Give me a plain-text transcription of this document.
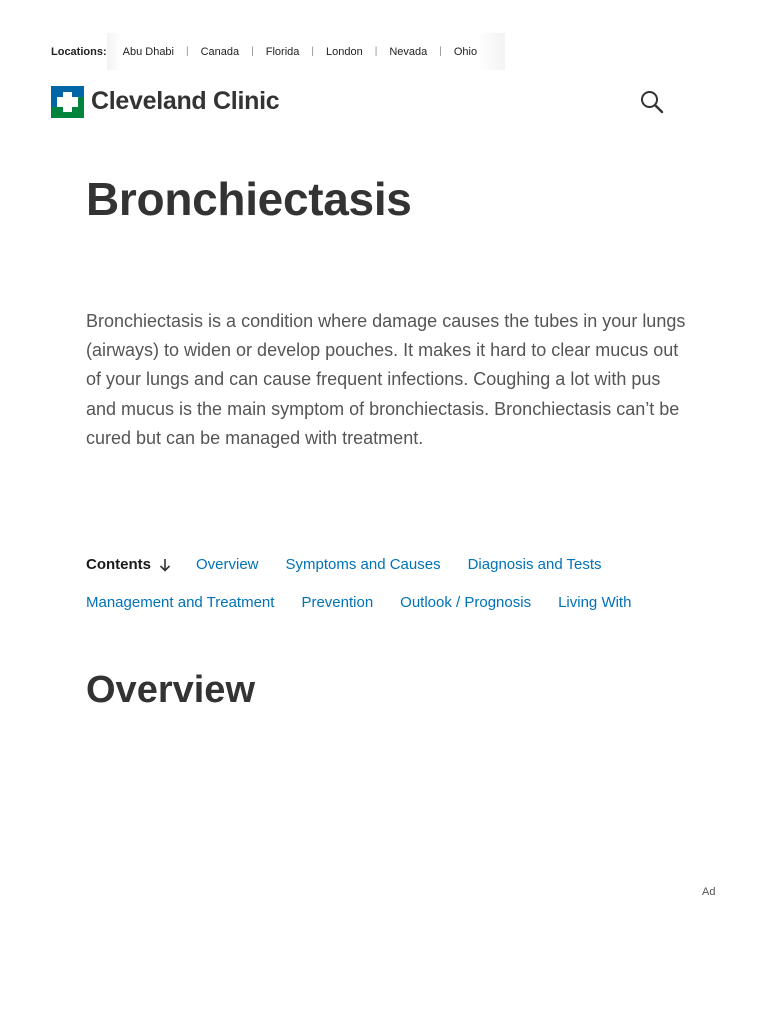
Locations: Abu Dhabi | Canada | Florida | London | Nevada | Ohio
Cleveland Clinic
Bronchiectasis

Bronchiectasis is a condition where damage causes the tubes in your lungs (airways) to widen or develop pouches. It makes it hard to clear mucus out of your lungs and can cause frequent infections. Coughing a lot with pus and mucus is the main symptom of bronchiectasis. Bronchiectasis can’t be cured but can be managed with treatment.

Contents	Overview Symptoms and Causes Diagnosis and Tests
Management and Treatment Prevention Outlook / Prognosis Living With
Overview
Ad
